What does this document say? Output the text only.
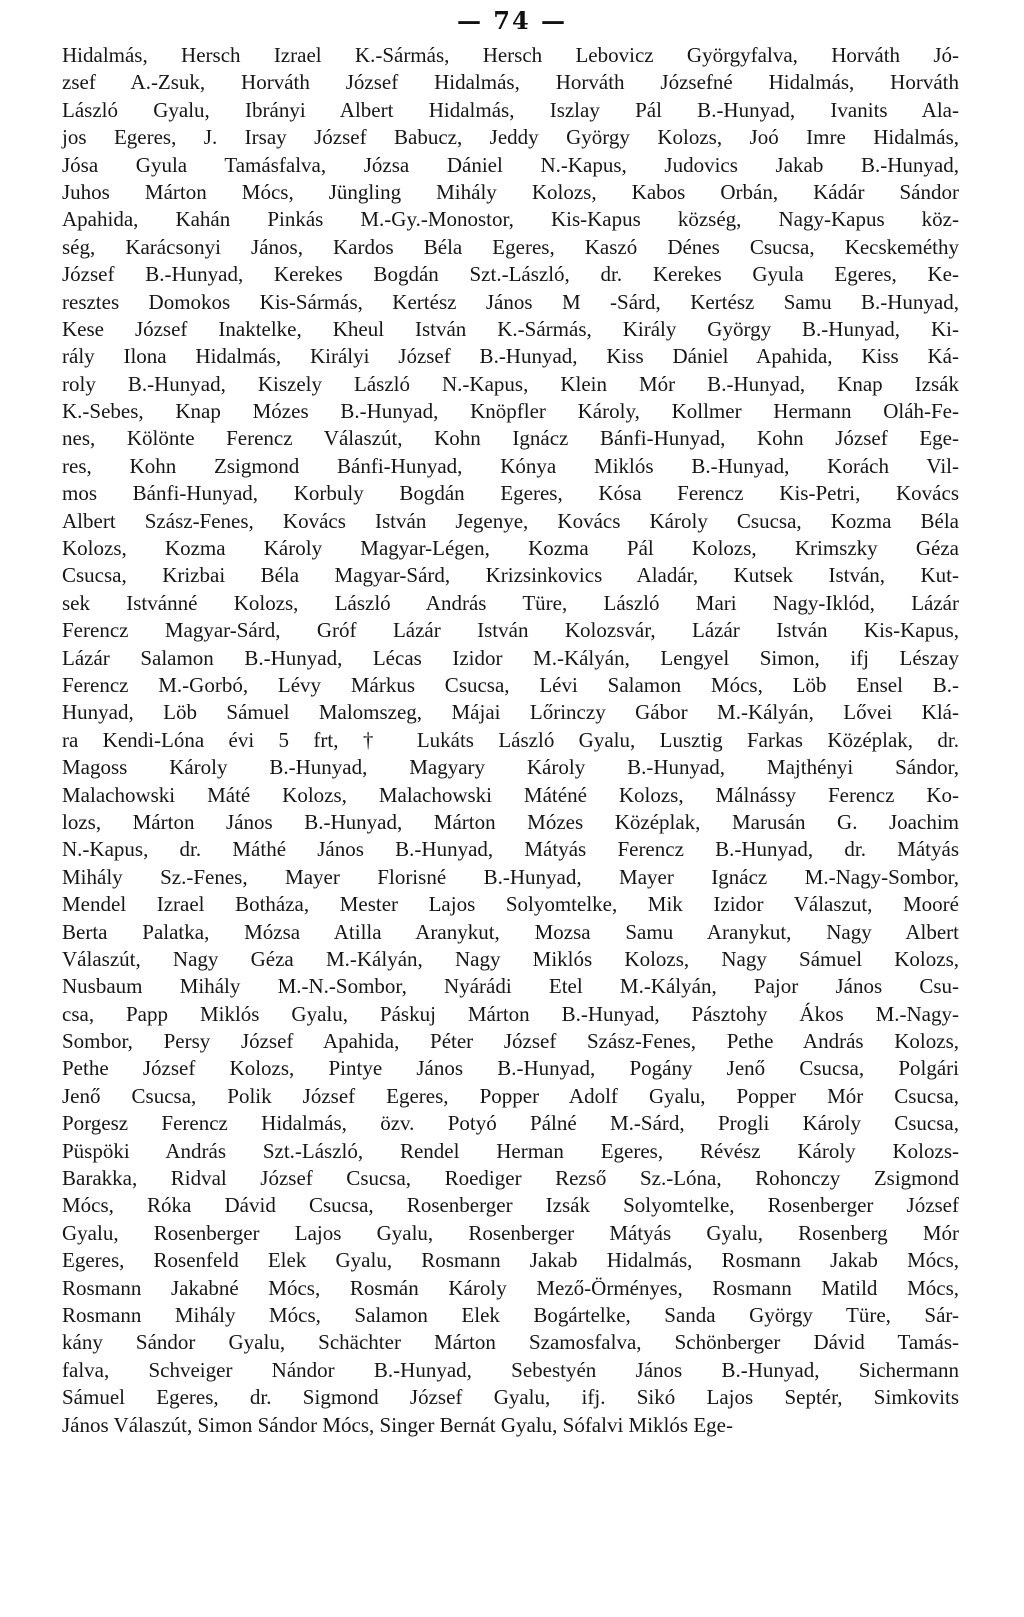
— 74 —
Hidalmás, Hersch Izrael K.-Sármás, Hersch Lebovicz Györgyfalva, Horváth Jó-
zsef A.-Zsuk, Horváth József Hidalmás, Horváth Józsefné Hidalmás, Horváth
László Gyalu, Ibrányi Albert Hidalmás, Iszlay Pál B.-Hunyad, Ivanits Ala-
jos Egeres, J. Irsay József Babucz, Jeddy György Kolozs, Joó Imre Hidalmás,
Jósa Gyula Tamásfalva, Józsa Dániel N.-Kapus, Judovics Jakab B.-Hunyad,
Juhos Márton Mócs, Jüngling Mihály Kolozs, Kabos Orbán, Kádár Sándor
Apahida, Kahán Pinkás M.-Gy.-Monostor, Kis-Kapus község, Nagy-Kapus köz-
ség, Karácsonyi János, Kardos Béla Egeres, Kaszó Dénes Csucsa, Kecskeméthy
József B.-Hunyad, Kerekes Bogdán Szt.-László, dr. Kerekes Gyula Egeres, Ke-
resztes Domokos Kis-Sármás, Kertész János M -Sárd, Kertész Samu B.-Hunyad,
Kese József Inaktelke, Kheul István K.-Sármás, Király György B.-Hunyad, Ki-
rály Ilona Hidalmás, Királyi József B.-Hunyad, Kiss Dániel Apahida, Kiss Ká-
roly B.-Hunyad, Kiszely László N.-Kapus, Klein Mór B.-Hunyad, Knap Izsák
K.-Sebes, Knap Mózes B.-Hunyad, Knöpfler Károly, Kollmer Hermann Oláh-Fe-
nes, Kölönte Ferencz Válaszút, Kohn Ignácz Bánfi-Hunyad, Kohn József Ege-
res, Kohn Zsigmond Bánfi-Hunyad, Kónya Miklós B.-Hunyad, Korách Vil-
mos Bánfi-Hunyad, Korbuly Bogdán Egeres, Kósa Ferencz Kis-Petri, Kovács
Albert Szász-Fenes, Kovács István Jegenye, Kovács Károly Csucsa, Kozma Béla
Kolozs, Kozma Károly Magyar-Légen, Kozma Pál Kolozs, Krimszky Géza
Csucsa, Krizbai Béla Magyar-Sárd, Krizsinkovics Aladár, Kutsek István, Kut-
sek Istvánné Kolozs, László András Türe, László Mari Nagy-Iklód, Lázár
Ferencz Magyar-Sárd, Gróf Lázár István Kolozsvár, Lázár István Kis-Kapus,
Lázár Salamon B.-Hunyad, Lécas Izidor M.-Kályán, Lengyel Simon, ifj Lészay
Ferencz M.-Gorbó, Lévy Márkus Csucsa, Lévi Salamon Mócs, Löb Ensel B.-
Hunyad, Löb Sámuel Malomszeg, Májai Lőrinczy Gábor M.-Kályán, Lővei Klá-
ra Kendi-Lóna évi 5 frt, † Lukáts László Gyalu, Lusztig Farkas Középlak, dr.
Magoss Károly B.-Hunyad, Magyary Károly B.-Hunyad, Majthényi Sándor,
Malachowski Máté Kolozs, Malachowski Máténé Kolozs, Málnássy Ferencz Ko-
lozs, Márton János B.-Hunyad, Márton Mózes Középlak, Marusán G. Joachim
N.-Kapus, dr. Máthé János B.-Hunyad, Mátyás Ferencz B.-Hunyad, dr. Mátyás
Mihály Sz.-Fenes, Mayer Florisné B.-Hunyad, Mayer Ignácz M.-Nagy-Sombor,
Mendel Izrael Botháza, Mester Lajos Solyomtelke, Mik Izidor Válaszut, Mooré
Berta Palatka, Mózsa Atilla Aranykut, Mozsa Samu Aranykut, Nagy Albert
Válaszút, Nagy Géza M.-Kályán, Nagy Miklós Kolozs, Nagy Sámuel Kolozs,
Nusbaum Mihály M.-N.-Sombor, Nyárádi Etel M.-Kályán, Pajor János Csu-
csa, Papp Miklós Gyalu, Páskuj Márton B.-Hunyad, Pásztohy Ákos M.-Nagy-
Sombor, Persy József Apahida, Péter József Szász-Fenes, Pethe András Kolozs,
Pethe József Kolozs, Pintye János B.-Hunyad, Pogány Jenő Csucsa, Polgári
Jenő Csucsa, Polik József Egeres, Popper Adolf Gyalu, Popper Mór Csucsa,
Porgesz Ferencz Hidalmás, özv. Potyó Pálné M.-Sárd, Progli Károly Csucsa,
Püspöki András Szt.-László, Rendel Herman Egeres, Révész Károly Kolozs-
Barakka, Ridval József Csucsa, Roediger Rezső Sz.-Lóna, Rohonczy Zsigmond
Mócs, Róka Dávid Csucsa, Rosenberger Izsák Solyomtelke, Rosenberger József
Gyalu, Rosenberger Lajos Gyalu, Rosenberger Mátyás Gyalu, Rosenberg Mór
Egeres, Rosenfeld Elek Gyalu, Rosmann Jakab Hidalmás, Rosmann Jakab Mócs,
Rosmann Jakabné Mócs, Rosmán Károly Mező-Örményes, Rosmann Matild Mócs,
Rosmann Mihály Mócs, Salamon Elek Bogártelke, Sanda György Türe, Sár-
kány Sándor Gyalu, Schächter Márton Szamosfalva, Schönberger Dávid Tamás-
falva, Schveiger Nándor B.-Hunyad, Sebestyén János B.-Hunyad, Sichermann
Sámuel Egeres, dr. Sigmond József Gyalu, ifj. Sikó Lajos Septér, Simkovits
János Válaszút, Simon Sándor Mócs, Singer Bernát Gyalu, Sófalvi Miklós Ege-
